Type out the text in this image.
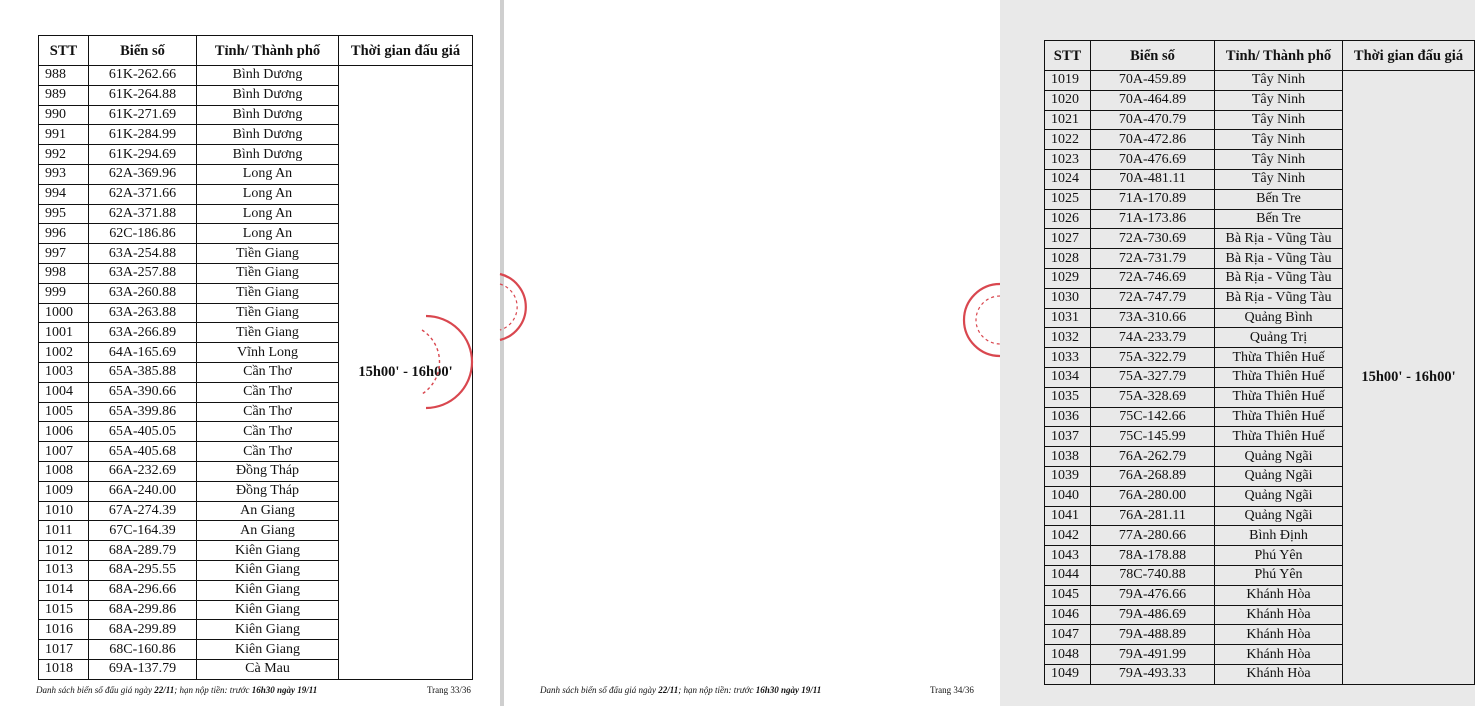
STT	Biển số	Tỉnh/ Thành phố	Thời gian đấu giá
988	61K-262.66	Bình Dương	15h00' - 16h00'
989	61K-264.88	Bình Dương	
990	61K-271.69	Bình Dương	
991	61K-284.99	Bình Dương	
992	61K-294.69	Bình Dương	
993	62A-369.96	Long An	
994	62A-371.66	Long An	
995	62A-371.88	Long An	
996	62C-186.86	Long An	
997	63A-254.88	Tiền Giang	
998	63A-257.88	Tiền Giang	
999	63A-260.88	Tiền Giang	
1000	63A-263.88	Tiền Giang	
1001	63A-266.89	Tiền Giang	
1002	64A-165.69	Vĩnh Long	
1003	65A-385.88	Cần Thơ	
1004	65A-390.66	Cần Thơ	
1005	65A-399.86	Cần Thơ	
1006	65A-405.05	Cần Thơ	
1007	65A-405.68	Cần Thơ	
1008	66A-232.69	Đồng Tháp	
1009	66A-240.00	Đồng Tháp	
1010	67A-274.39	An Giang	
1011	67C-164.39	An Giang	
1012	68A-289.79	Kiên Giang	
1013	68A-295.55	Kiên Giang	
1014	68A-296.66	Kiên Giang	
1015	68A-299.86	Kiên Giang	
1016	68A-299.89	Kiên Giang	
1017	68C-160.86	Kiên Giang	
1018	69A-137.79	Cà Mau	
Danh sách biển số đấu giá ngày 22/11; hạn nộp tiền: trước 16h30 ngày 19/11	Trang 33/36
STT	Biển số	Tỉnh/ Thành phố	Thời gian đấu giá
1019	70A-459.89	Tây Ninh	15h00' - 16h00'
1020	70A-464.89	Tây Ninh	
1021	70A-470.79	Tây Ninh	
1022	70A-472.86	Tây Ninh	
1023	70A-476.69	Tây Ninh	
1024	70A-481.11	Tây Ninh	
1025	71A-170.89	Bến Tre	
1026	71A-173.86	Bến Tre	
1027	72A-730.69	Bà Rịa - Vũng Tàu	
1028	72A-731.79	Bà Rịa - Vũng Tàu	
1029	72A-746.69	Bà Rịa - Vũng Tàu	
1030	72A-747.79	Bà Rịa - Vũng Tàu	
1031	73A-310.66	Quảng Bình	
1032	74A-233.79	Quảng Trị	
1033	75A-322.79	Thừa Thiên Huế	
1034	75A-327.79	Thừa Thiên Huế	
1035	75A-328.69	Thừa Thiên Huế	
1036	75C-142.66	Thừa Thiên Huế	
1037	75C-145.99	Thừa Thiên Huế	
1038	76A-262.79	Quảng Ngãi	
1039	76A-268.89	Quảng Ngãi	
1040	76A-280.00	Quảng Ngãi	
1041	76A-281.11	Quảng Ngãi	
1042	77A-280.66	Bình Định	
1043	78A-178.88	Phú Yên	
1044	78C-740.88	Phú Yên	
1045	79A-476.66	Khánh Hòa	
1046	79A-486.69	Khánh Hòa	
1047	79A-488.89	Khánh Hòa	
1048	79A-491.99	Khánh Hòa	
1049	79A-493.33	Khánh Hòa	
Danh sách biển số đấu giá ngày 22/11; hạn nộp tiền: trước 16h30 ngày 19/11	Trang 34/36
